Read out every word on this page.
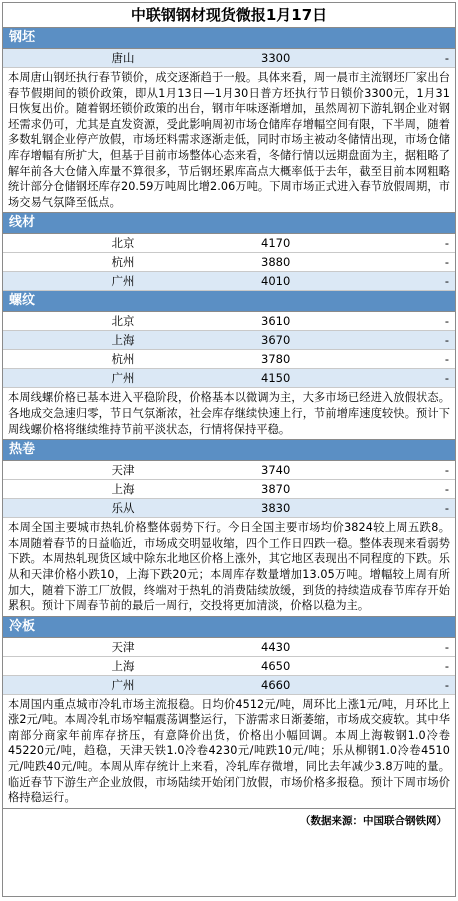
中联钢钢材现货微报1月17日
钢坯
唐山	3300	-
本周唐山钢坯执行春节锁价，成交逐渐趋于一般。具体来看，周一晨市主流钢坯厂家出台春节假期间的锁价政策，即从1月13日—1月30日普方坯执行节日锁价3300元，1月31日恢复出价。随着钢坯锁价政策的出台，钢市年味逐渐增加，虽然周初下游轧钢企业对钢坯需求仍可，尤其是直发资源，受此影响周初市场仓储库存增幅空间有限，下半周，随着多数轧钢企业停产放假，市场坯料需求逐渐走低，同时市场主被动冬储情出现，市场仓储库存增幅有所扩大，但基于目前市场整体心态来看，冬储行情以远期盘面为主，据粗略了解年前各大仓储入库量不算很多，节后钢坯累库高点大概率低于去年，截至目前本网粗略统计部分仓储钢坯库存20.59万吨周比增2.06万吨。下周市场正式进入春节放假周期，市场交易气氛降至低点。
线材
北京	4170	-
杭州	3880	-
广州	4010	-
螺纹
北京	3610	-
上海	3670	-
杭州	3780	-
广州	4150	-
本周线螺价格已基本进入平稳阶段，价格基本以微调为主，大多市场已经进入放假状态。各地成交急速归零，节日气氛渐浓，社会库存继续快速上行，节前增库速度较快。预计下周线螺价格将继续维持节前平淡状态，行情将保持平稳。
热卷
天津	3740	-
上海	3870	-
乐从	3830	-
本周全国主要城市热轧价格整体弱势下行。今日全国主要市场均价3824较上周五跌8。本周随着春节的日益临近，市场成交明显收缩，四个工作日四跌一稳。整体表现来看弱势下跌。本周热轧现货区域中除东北地区价格上涨外，其它地区表现出不同程度的下跌。乐从和天津价格小跌10，上海下跌20元；本周库存数量增加13.05万吨。增幅较上周有所加大，随着下游工厂放假，终端对于热轧的消费陆续放缓，到货的持续造成春节库存开始累积。预计下周春节前的最后一周行，交投将更加清淡，价格以稳为主。
冷板
天津	4430	-
上海	4650	-
广州	4660	-
本周国内重点城市冷轧市场主流报稳。日均价4512元/吨，周环比上涨1元/吨，月环比上涨2元/吨。本周冷轧市场窄幅震荡调整运行，下游需求日渐萎缩，市场成交疲软。其中华南部分商家年前库存挤压，有意降价出货，价格出小幅回调。本周上海鞍钢1.0冷卷45220元/吨，趋稳，天津天铁1.0冷卷4230元/吨跌10元/吨；乐从柳钢1.0冷卷4510元/吨跌40元/吨。本周从库存统计上来看，冷轧库存微增，同比去年减少3.8万吨的量。临近春节下游生产企业放假，市场陆续开始闭门放假，市场价格多报稳。预计下周市场价格持稳运行。
（数据来源：中国联合钢铁网）
